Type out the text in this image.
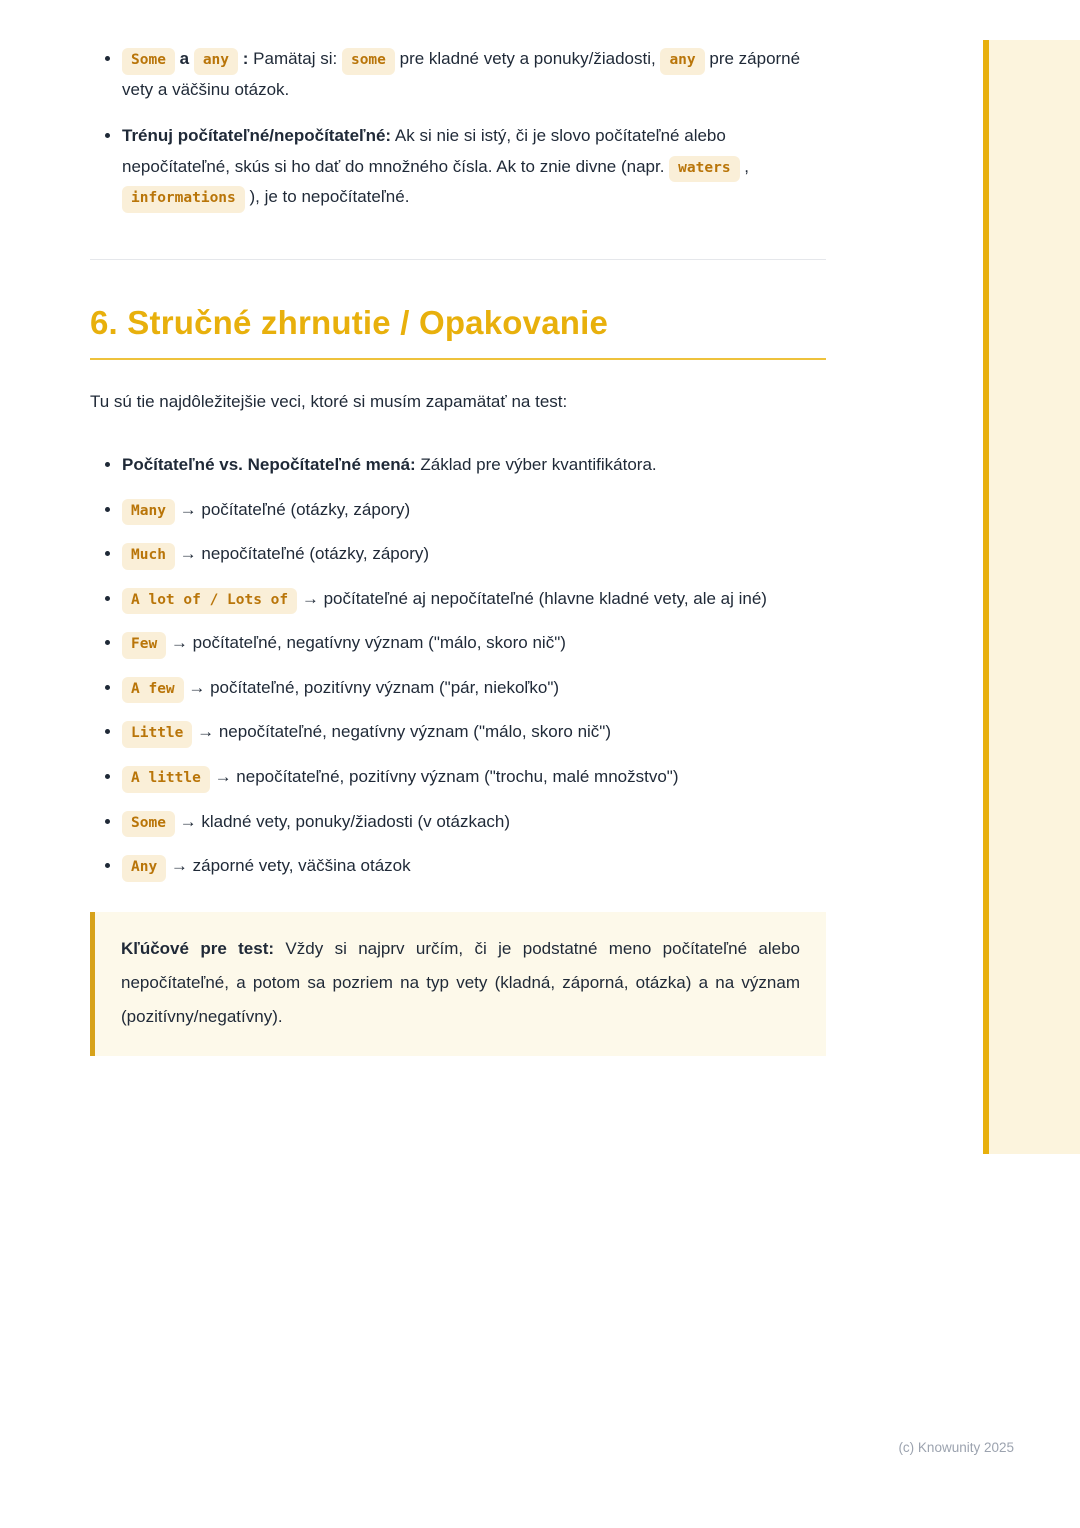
• Some a any : Pamätaj si: some pre kladné vety a ponuky/žiadosti, any pre záporné vety a väčšinu otázok.
• Trénuj počítateľné/nepočítateľné: Ak si nie si istý, či je slovo počítateľné alebo nepočítateľné, skús si ho dať do množného čísla. Ak to znie divne (napr. waters , informations ), je to nepočítateľné.
6. Stručné zhrnutie / Opakovanie

Tu sú tie najdôležitejšie veci, ktoré si musím zapamätať na test:

• Počítateľné vs. Nepočítateľné mená: Základ pre výber kvantifikátora.
• Many → počítateľné (otázky, zápory)
• Much → nepočítateľné (otázky, zápory)
• A lot of / Lots of → počítateľné aj nepočítateľné (hlavne kladné vety, ale aj iné)
• Few → počítateľné, negatívny význam ("málo, skoro nič")
• A few → počítateľné, pozitívny význam ("pár, niekoľko")
• Little → nepočítateľné, negatívny význam ("málo, skoro nič")
• A little → nepočítateľné, pozitívny význam ("trochu, malé množstvo")
• Some → kladné vety, ponuky/žiadosti (v otázkach)
• Any → záporné vety, väčšina otázok
Kľúčové pre test: Vždy si najprv určím, či je podstatné meno počítateľné alebo nepočítateľné, a potom sa pozriem na typ vety (kladná, záporná, otázka) a na význam (pozitívny/negatívny).
(c) Knowunity 2025
